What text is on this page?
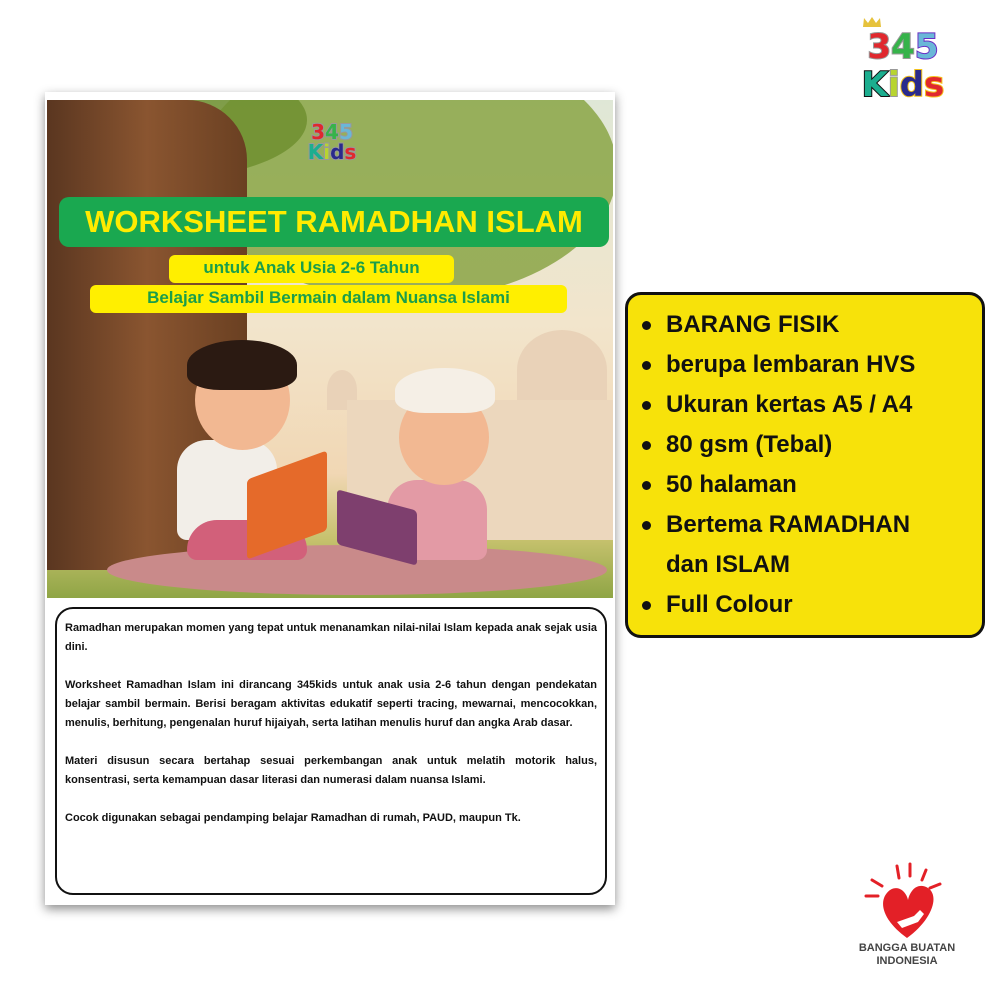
345
Kids
345
Kids
WORKSHEET RAMADHAN ISLAM
untuk Anak Usia 2-6 Tahun
Belajar Sambil Bermain dalam Nuansa Islami

Ramadhan merupakan momen yang tepat untuk menanamkan nilai-nilai Islam kepada anak sejak usia dini.

Worksheet Ramadhan Islam ini dirancang 345kids untuk anak usia 2-6 tahun dengan pendekatan belajar sambil bermain. Berisi beragam aktivitas edukatif seperti tracing, mewarnai, mencocokkan, menulis, berhitung, pengenalan huruf hijaiyah, serta latihan menulis huruf dan angka Arab dasar.

Materi disusun secara bertahap sesuai perkembangan anak untuk melatih motorik halus, konsentrasi, serta kemampuan dasar literasi dan numerasi dalam nuansa Islami.

Cocok digunakan sebagai pendamping belajar Ramadhan di rumah, PAUD, maupun Tk.

BARANG FISIK
berupa lembaran HVS
Ukuran kertas A5 / A4
80 gsm (Tebal)
50 halaman
Bertema RAMADHAN
dan ISLAM
Full Colour
BANGGA BUATAN
INDONESIA
